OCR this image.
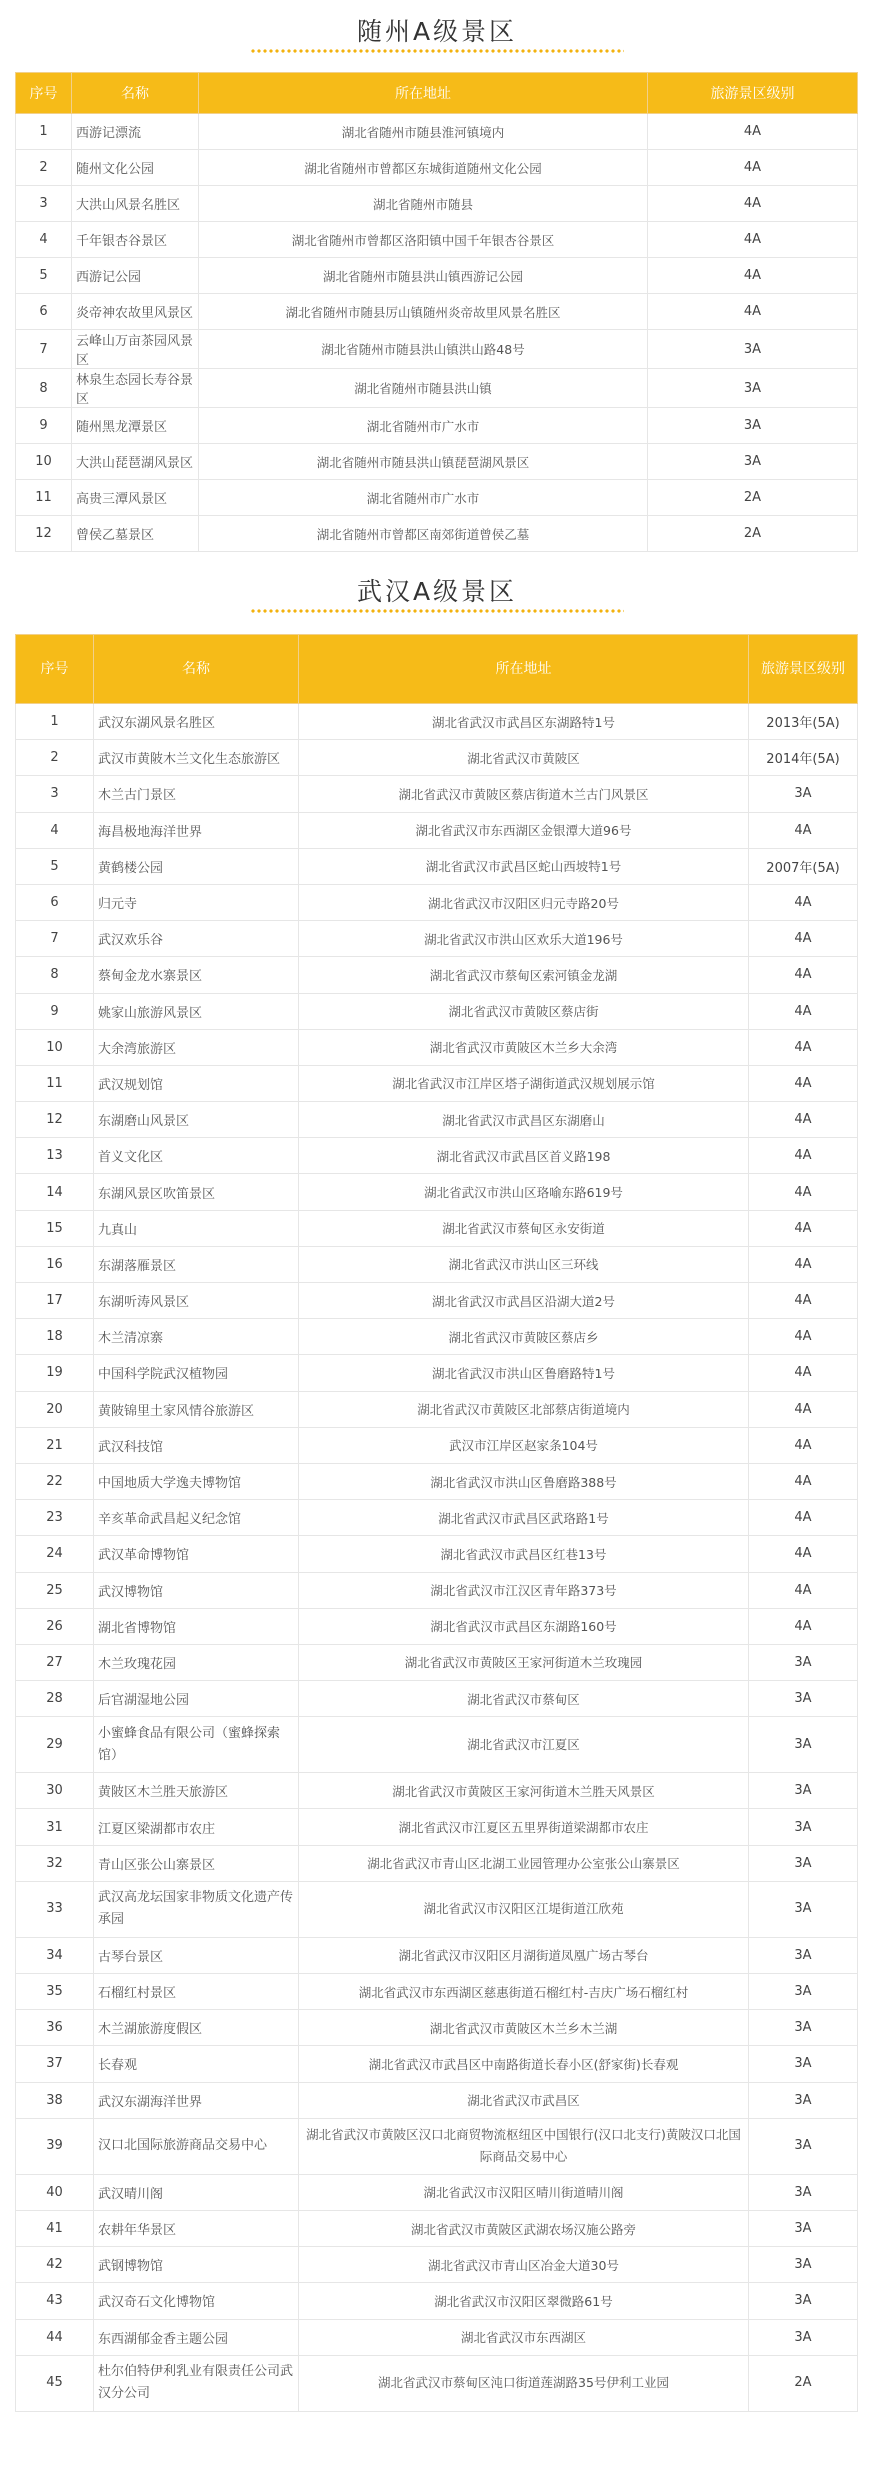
随州A级景区
序号	名称	所在地址	旅游景区级别
1	西游记漂流	湖北省随州市随县淮河镇境内	4A
2	随州文化公园	湖北省随州市曾都区东城街道随州文化公园	4A
3	大洪山风景名胜区	湖北省随州市随县	4A
4	千年银杏谷景区	湖北省随州市曾都区洛阳镇中国千年银杏谷景区	4A
5	西游记公园	湖北省随州市随县洪山镇西游记公园	4A
6	炎帝神农故里风景区	湖北省随州市随县厉山镇随州炎帝故里风景名胜区	4A
7	云峰山万亩茶园风景区	湖北省随州市随县洪山镇洪山路48号	3A
8	林泉生态园长寿谷景区	湖北省随州市随县洪山镇	3A
9	随州黑龙潭景区	湖北省随州市广水市	3A
10	大洪山琵琶湖风景区	湖北省随州市随县洪山镇琵琶湖风景区	3A
11	高贵三潭风景区	湖北省随州市广水市	2A
12	曾侯乙墓景区	湖北省随州市曾都区南郊街道曾侯乙墓	2A
武汉A级景区
序号	名称	所在地址	旅游景区级别
1	武汉东湖风景名胜区	湖北省武汉市武昌区东湖路特1号	2013年(5A)
2	武汉市黄陂木兰文化生态旅游区	湖北省武汉市黄陂区	2014年(5A)
3	木兰古门景区	湖北省武汉市黄陂区蔡店街道木兰古门风景区	3A
4	海昌极地海洋世界	湖北省武汉市东西湖区金银潭大道96号	4A
5	黄鹤楼公园	湖北省武汉市武昌区蛇山西坡特1号	2007年(5A)
6	归元寺	湖北省武汉市汉阳区归元寺路20号	4A
7	武汉欢乐谷	湖北省武汉市洪山区欢乐大道196号	4A
8	蔡甸金龙水寨景区	湖北省武汉市蔡甸区索河镇金龙湖	4A
9	姚家山旅游风景区	湖北省武汉市黄陂区蔡店街	4A
10	大余湾旅游区	湖北省武汉市黄陂区木兰乡大余湾	4A
11	武汉规划馆	湖北省武汉市江岸区塔子湖街道武汉规划展示馆	4A
12	东湖磨山风景区	湖北省武汉市武昌区东湖磨山	4A
13	首义文化区	湖北省武汉市武昌区首义路198	4A
14	东湖风景区吹笛景区	湖北省武汉市洪山区珞喻东路619号	4A
15	九真山	湖北省武汉市蔡甸区永安街道	4A
16	东湖落雁景区	湖北省武汉市洪山区三环线	4A
17	东湖听涛风景区	湖北省武汉市武昌区沿湖大道2号	4A
18	木兰清凉寨	湖北省武汉市黄陂区蔡店乡	4A
19	中国科学院武汉植物园	湖北省武汉市洪山区鲁磨路特1号	4A
20	黄陂锦里土家风情谷旅游区	湖北省武汉市黄陂区北部蔡店街道境内	4A
21	武汉科技馆	武汉市江岸区赵家条104号	4A
22	中国地质大学逸夫博物馆	湖北省武汉市洪山区鲁磨路388号	4A
23	辛亥革命武昌起义纪念馆	湖北省武汉市武昌区武珞路1号	4A
24	武汉革命博物馆	湖北省武汉市武昌区红巷13号	4A
25	武汉博物馆	湖北省武汉市江汉区青年路373号	4A
26	湖北省博物馆	湖北省武汉市武昌区东湖路160号	4A
27	木兰玫瑰花园	湖北省武汉市黄陂区王家河街道木兰玫瑰园	3A
28	后官湖湿地公园	湖北省武汉市蔡甸区	3A
29	小蜜蜂食品有限公司（蜜蜂探索馆）	湖北省武汉市江夏区	3A
30	黄陂区木兰胜天旅游区	湖北省武汉市黄陂区王家河街道木兰胜天风景区	3A
31	江夏区梁湖都市农庄	湖北省武汉市江夏区五里界街道梁湖都市农庄	3A
32	青山区张公山寨景区	湖北省武汉市青山区北湖工业园管理办公室张公山寨景区	3A
33	武汉高龙坛国家非物质文化遗产传承园	湖北省武汉市汉阳区江堤街道江欣苑	3A
34	古琴台景区	湖北省武汉市汉阳区月湖街道凤凰广场古琴台	3A
35	石榴红村景区	湖北省武汉市东西湖区慈惠街道石榴红村-吉庆广场石榴红村	3A
36	木兰湖旅游度假区	湖北省武汉市黄陂区木兰乡木兰湖	3A
37	长春观	湖北省武汉市武昌区中南路街道长春小区(舒家街)长春观	3A
38	武汉东湖海洋世界	湖北省武汉市武昌区	3A
39	汉口北国际旅游商品交易中心	湖北省武汉市黄陂区汉口北商贸物流枢纽区中国银行(汉口北支行)黄陂汉口北国际商品交易中心	3A
40	武汉晴川阁	湖北省武汉市汉阳区晴川街道晴川阁	3A
41	农耕年华景区	湖北省武汉市黄陂区武湖农场汉施公路旁	3A
42	武钢博物馆	湖北省武汉市青山区冶金大道30号	3A
43	武汉奇石文化博物馆	湖北省武汉市汉阳区翠微路61号	3A
44	东西湖郁金香主题公园	湖北省武汉市东西湖区	3A
45	杜尔伯特伊利乳业有限责任公司武汉分公司	湖北省武汉市蔡甸区沌口街道莲湖路35号伊利工业园	2A
